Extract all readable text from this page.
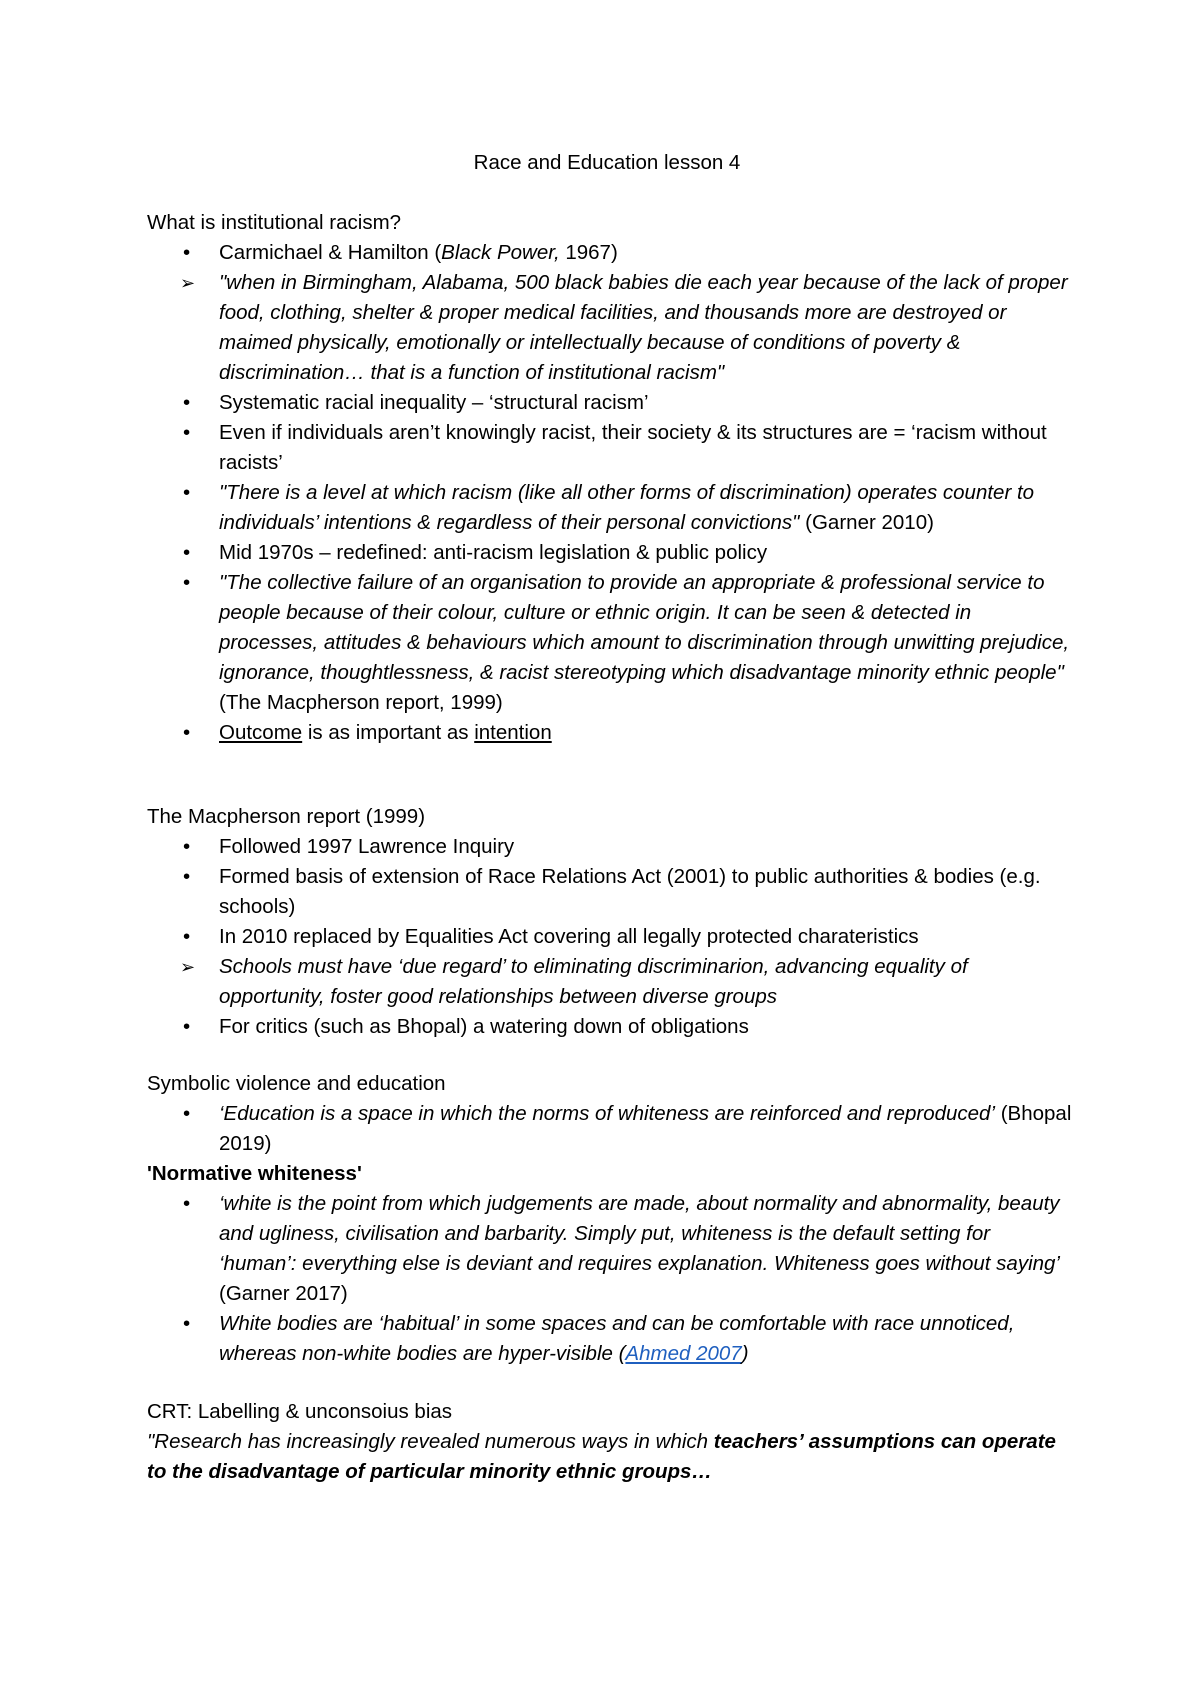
Race and Education lesson 4
What is institutional racism?
•	Carmichael & Hamilton (Black Power, 1967)
➢	"when in Birmingham, Alabama, 500 black babies die each year because of the lack of proper food, clothing, shelter & proper medical facilities, and thousands more are destroyed or maimed physically, emotionally or intellectually because of conditions of poverty & discrimination… that is a function of institutional racism"
•	Systematic racial inequality – ‘structural racism’
•	Even if individuals aren’t knowingly racist, their society & its structures are = ‘racism without racists’
•	"There is a level at which racism (like all other forms of discrimination) operates counter to individuals’ intentions & regardless of their personal convictions" (Garner 2010)
•	Mid 1970s – redefined: anti-racism legislation & public policy
•	"The collective failure of an organisation to provide an appropriate & professional service to people because of their colour, culture or ethnic origin. It can be seen & detected in processes, attitudes & behaviours which amount to discrimination through unwitting prejudice, ignorance, thoughtlessness, & racist stereotyping which disadvantage minority ethnic people" (The Macpherson report, 1999)
•	Outcome is as important as intention
The Macpherson report (1999)
•	Followed 1997 Lawrence Inquiry
•	Formed basis of extension of Race Relations Act (2001) to public authorities & bodies (e.g. schools)
•	In 2010 replaced by Equalities Act covering all legally protected charateristics
➢	Schools must have ‘due regard’ to eliminating discriminarion, advancing equality of opportunity, foster good relationships between diverse groups
•	For critics (such as Bhopal) a watering down of obligations
Symbolic violence and education
•	‘Education is a space in which the norms of whiteness are reinforced and reproduced’ (Bhopal 2019)
'Normative whiteness'
•	‘white is the point from which judgements are made, about normality and abnormality, beauty and ugliness, civilisation and barbarity. Simply put, whiteness is the default setting for ‘human’: everything else is deviant and requires explanation. Whiteness goes without saying’ (Garner 2017)
•	White bodies are ‘habitual’ in some spaces and can be comfortable with race unnoticed, whereas non-white bodies are hyper-visible (Ahmed 2007)
CRT: Labelling & unconsoius bias
"Research has increasingly revealed numerous ways in which teachers’ assumptions can operate to the disadvantage of particular minority ethnic groups…
